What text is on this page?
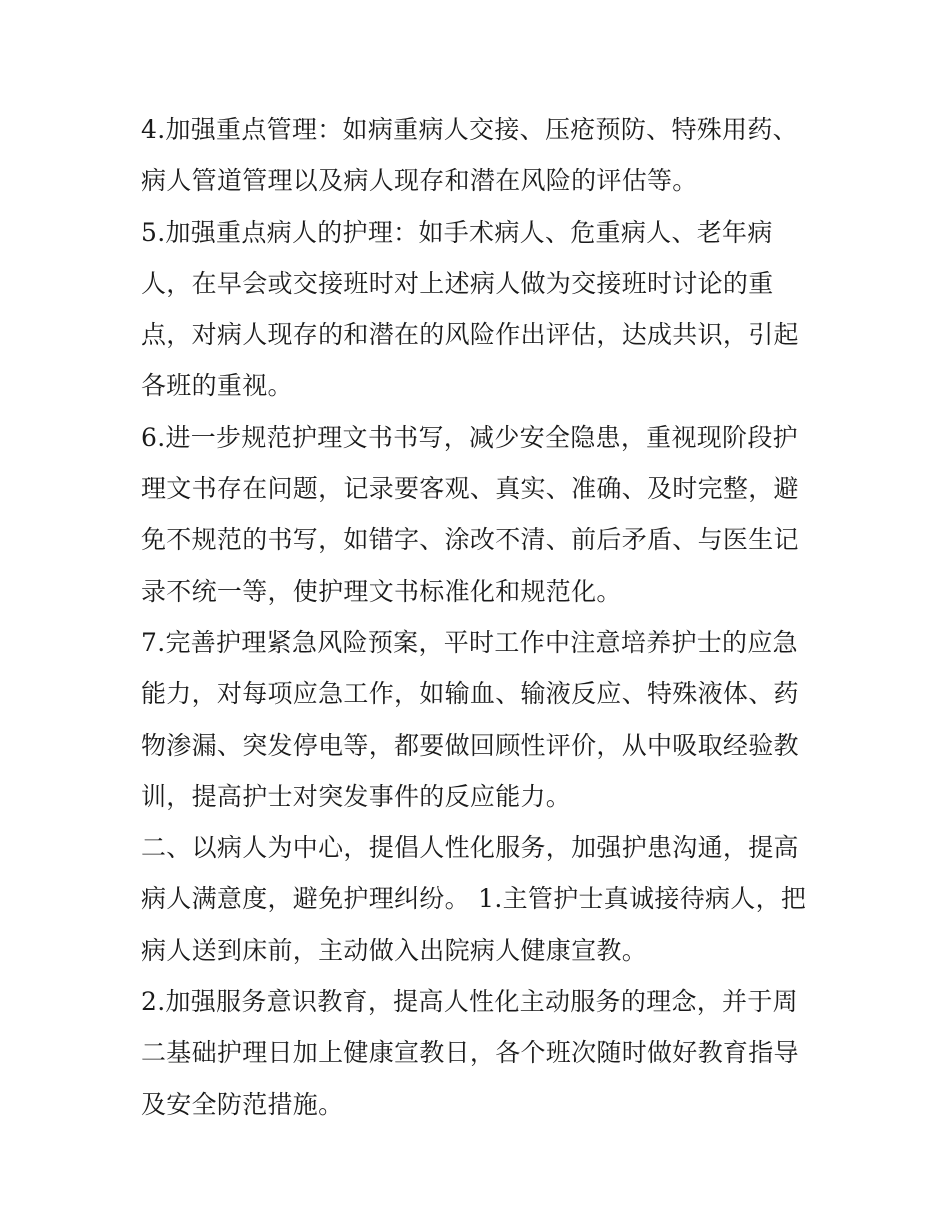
4.加强重点管理：如病重病人交接、压疮预防、特殊用药、病人管道管理以及病人现存和潜在风险的评估等。

5.加强重点病人的护理：如手术病人、危重病人、老年病人，在早会或交接班时对上述病人做为交接班时讨论的重点，对病人现存的和潜在的风险作出评估，达成共识，引起各班的重视。

6.进一步规范护理文书书写，减少安全隐患，重视现阶段护理文书存在问题，记录要客观、真实、准确、及时完整，避免不规范的书写，如错字、涂改不清、前后矛盾、与医生记录不统一等，使护理文书标准化和规范化。

7.完善护理紧急风险预案，平时工作中注意培养护士的应急能力，对每项应急工作，如输血、输液反应、特殊液体、药物渗漏、突发停电等，都要做回顾性评价，从中吸取经验教训，提高护士对突发事件的反应能力。

二、以病人为中心，提倡人性化服务，加强护患沟通，提高病人满意度，避免护理纠纷。 1.主管护士真诚接待病人，把病人送到床前，主动做入出院病人健康宣教。

2.加强服务意识教育，提高人性化主动服务的理念，并于周二基础护理日加上健康宣教日，各个班次随时做好教育指导及安全防范措施。
